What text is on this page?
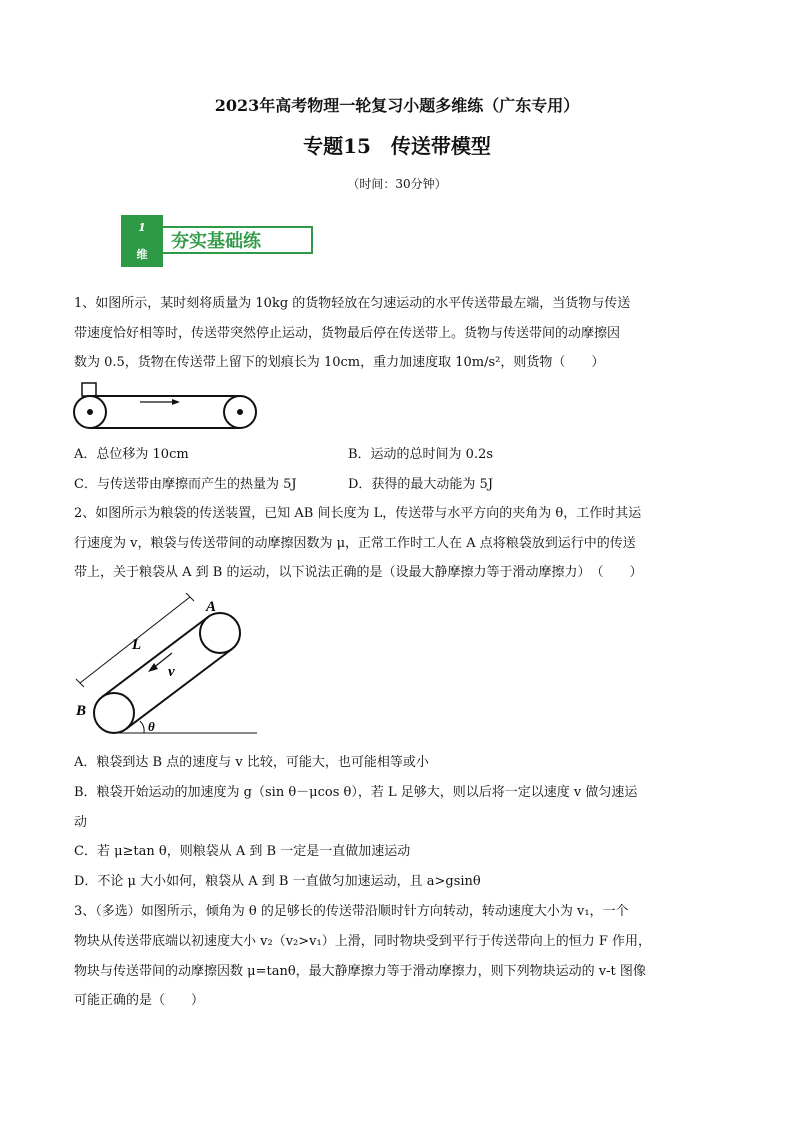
2023年高考物理一轮复习小题多维练（广东专用）
专题15　传送带模型
（时间：30分钟）
1
维
夯实基础练
1、如图所示，某时刻将质量为 10kg 的货物轻放在匀速运动的水平传送带最左端，当货物与传送
带速度恰好相等时，传送带突然停止运动，货物最后停在传送带上。货物与传送带间的动摩擦因
数为 0.5，货物在传送带上留下的划痕长为 10cm，重力加速度取 10m/s²，则货物（　　）
A．总位移为 10cm	B．运动的总时间为 0.2s
C．与传送带由摩擦而产生的热量为 5J	D．获得的最大动能为 5J
2、如图所示为粮袋的传送装置，已知 AB 间长度为 L，传送带与水平方向的夹角为 θ，工作时其运
行速度为 v，粮袋与传送带间的动摩擦因数为 μ，正常工作时工人在 A 点将粮袋放到运行中的传送
带上，关于粮袋从 A 到 B 的运动，以下说法正确的是（设最大静摩擦力等于滑动摩擦力）　（　　）
A
B
L
v
θ
A．粮袋到达 B 点的速度与 v 比较，可能大，也可能相等或小
B．粮袋开始运动的加速度为 g（sin θ－μcos θ），若 L 足够大，则以后将一定以速度 v 做匀速运
动
C．若 μ≥tan θ，则粮袋从 A 到 B 一定是一直做加速运动
D．不论 μ 大小如何，粮袋从 A 到 B 一直做匀加速运动，且 a>gsinθ
3、（多选）如图所示，倾角为 θ 的足够长的传送带沿顺时针方向转动，转动速度大小为 v₁，一个
物块从传送带底端以初速度大小 v₂（v₂>v₁）上滑，同时物块受到平行于传送带向上的恒力 F 作用，
物块与传送带间的动摩擦因数 μ=tanθ，最大静摩擦力等于滑动摩擦力，则下列物块运动的 v-t 图像
可能正确的是（　　）
